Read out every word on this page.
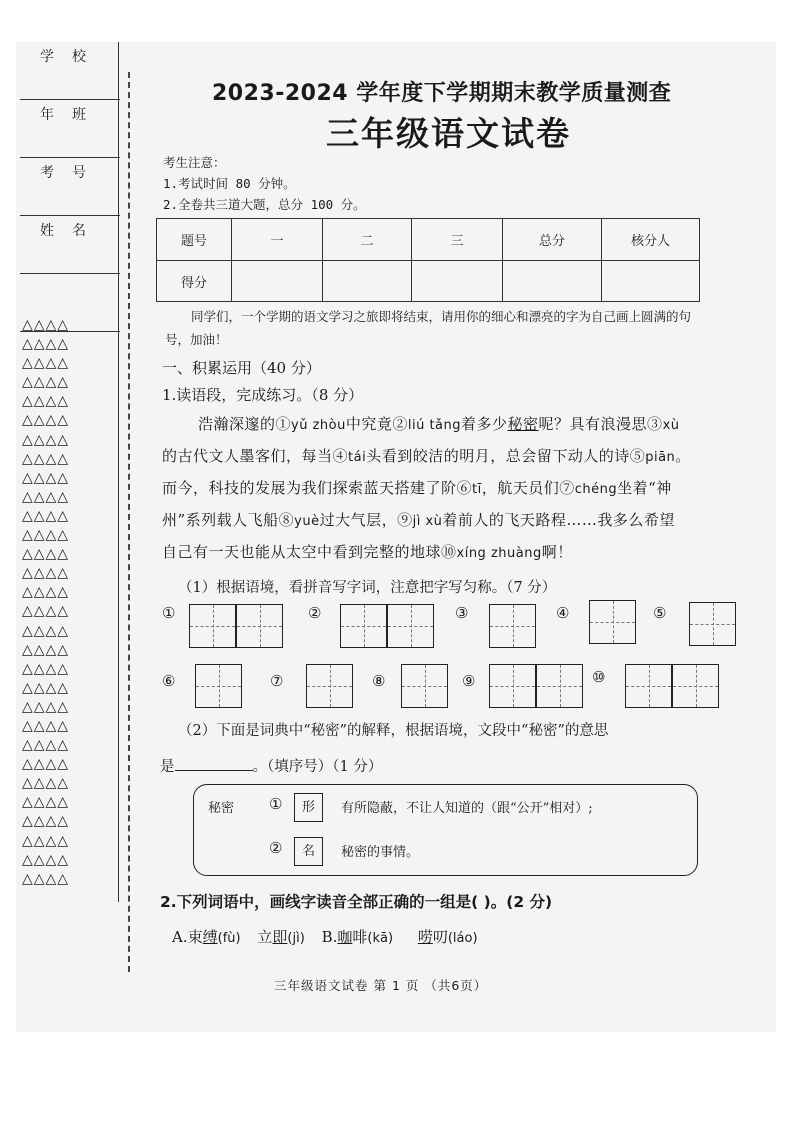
学校
年班
考号
姓名
△△△△
△△△△
△△△△
△△△△
△△△△
△△△△
△△△△
△△△△
△△△△
△△△△
△△△△
△△△△
△△△△
△△△△
△△△△
△△△△
△△△△
△△△△
△△△△
△△△△
△△△△
△△△△
△△△△
△△△△
△△△△
△△△△
△△△△
△△△△
△△△△
△△△△
2023-2024 学年度下学期期末教学质量测查
三年级语文试卷
考生注意：
1.考试时间 80 分钟。
2.全卷共三道大题，总分 100 分。
题号	一	二	三	总分	核分人
得分					
同学们，一个学期的语文学习之旅即将结束，请用你的细心和漂亮的字为自己画上圆满的句号，加油！
一、积累运用（40 分）
1.读语段，完成练习。（8 分）
浩瀚深邃的①yǔ zhòu中究竟②liú tǎng着多少秘密呢？具有浪漫思③xù
的古代文人墨客们，每当④tái头看到皎洁的明月，总会留下动人的诗⑤piān。
而今，科技的发展为我们探索蓝天搭建了阶⑥tī，航天员们⑦chéng坐着“神
州”系列载人飞船⑧yuè过大气层，⑨jì xù着前人的飞天路程……我多么希望
自己有一天也能从太空中看到完整的地球⑩xíng zhuàng啊！
（1）根据语境，看拼音写字词，注意把字写匀称。（7 分）
①	②	③	④	⑤
⑥	⑦	⑧	⑨	⑩
（2）下面是词典中“秘密”的解释，根据语境，文段中“秘密”的意思
是	。（填序号）（1 分）
秘密 ①	形	有所隐蔽，不让人知道的（跟“公开”相对）;
②	名	秘密的事情。
2.下列词语中，画线字读音全部正确的一组是( )。(2 分)
A.束缚(fù) 立即(jì) B.咖啡(kā) 唠叨(láo)
三年级语文试卷 第 1 页 （共6页）
